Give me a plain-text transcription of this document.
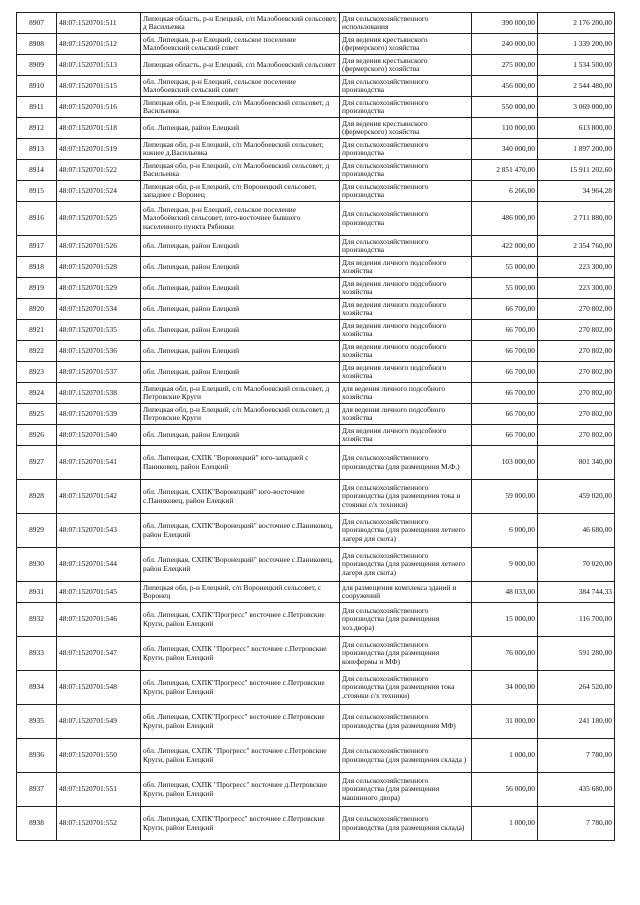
8907	48:07:1520701:511	Липецкая область, р-н Елецкий, с/п Малобоевский сельсовет, д Васильевка	Для сельскохозяйственного использования	390 000,00	2 176 200,00
8908	48:07:1520701:512	обл. Липецкая, р-н Елецкий, сельское поселение Малобоевский сельский совет	Для ведения крестьянского (фермерского) хозяйства	240 000,00	1 339 200,00
8909	48:07:1520701:513	Липецкая область, р-н Елецкий, с/п Малобоевский сельсовет	Для ведения крестьянского (фермерского) хозяйства	275 000,00	1 534 500,00
8910	48:07:1520701:515	обл. Липецкая, р-н Елецкий, сельское поселение Малобоевский сельский совет	Для сельскохозяйственного производства	456 000,00	2 544 480,00
8911	48:07:1520701:516	Липецкая обл, р-н Елецкий, с/п Малобоевский сельсовет, д Васильевка	Для сельскохозяйственного производства	550 000,00	3 069 000,00
8912	48:07:1520701:518	обл. Липецкая, район Елецкий	Для ведения крестьянского (фермерского) хозяйства	110 000,00	613 800,00
8913	48:07:1520701:519	Липецкая обл, р-н Елецкий, с/п Малобоевский сельсовет, южнее д.Васильевка	Для сельскохозяйственного производства	340 000,00	1 897 200,00
8914	48:07:1520701:522	Липецкая обл, р-н Елецкий, с/п Малобоевский сельсовет, д Васильевка	Для сельскохозяйственного производства	2 851 470,00	15 911 202,60
8915	48:07:1520701:524	Липецкая обл, р-н Елецкий, с/п Воронецкий сельсовет, западнее с Воронец	Для сельскохозяйственного производства	6 266,00	34 964,28
8916	48:07:1520701:525	обл. Липецкая, р-н Елецкий, сельское поселение Малобоёвский сельсовет, юго-восточнее бывшего населенного пункта Рябинки	Для сельскохозяйственного производства	486 000,00	2 711 880,00
8917	48:07:1520701:526	обл. Липецкая, район Елецкий	Для сельскохозяйственного производства	422 000,00	2 354 760,00
8918	48:07:1520701:528	обл. Липецкая, район Елецкий	Для ведения личного подсобного хозяйства	55 000,00	223 300,00
8919	48:07:1520701:529	обл. Липецкая, район Елецкий	Для ведения личного подсобного хозяйства	55 000,00	223 300,00
8920	48:07:1520701:534	обл. Липецкая, район Елецкий	Для ведения личного подсобного хозяйства	66 700,00	270 802,00
8921	48:07:1520701:535	обл. Липецкая, район Елецкий	Для ведения личного подсобного хозяйства	66 700,00	270 802,00
8922	48:07:1520701:536	обл. Липецкая, район Елецкий	Для ведения личного подсобного хозяйства	66 700,00	270 802,00
8923	48:07:1520701:537	обл. Липецкая, район Елецкий	Для ведения личного подсобного хозяйства	66 700,00	270 802,00
8924	48:07:1520701:538	Липецкая обл, р-н Елецкий, с/п Малобоевский сельсовет, д Петровские Круги	для ведения личного подсобного хозяйства	66 700,00	270 802,00
8925	48:07:1520701:539	Липецкая обл, р-н Елецкий, с/п Малобоевский сельсовет, д Петровские Круги	для ведения личного подсобного хозяйства	66 700,00	270 802,00
8926	48:07:1520701:540	обл. Липецкая, район Елецкий	Для ведения личного подсобного хозяйства	66 700,00	270 802,00
8927	48:07:1520701:541	обл. Липецкая, СХПК "Воронецкий" юго-западней с Паниковец, район Елецкий	Для сельскохозяйственного производства (для размещения М.Ф.)	103 000,00	801 340,00
8928	48:07:1520701:542	обл. Липецкая, СХПК"Воронецкий" юго-восточнее с.Паниковец, район Елецкий	Для сельскохозяйственного производства (для размещения тока и стоянки с/х техники)	59 000,00	459 020,00
8929	48:07:1520701:543	обл. Липецкая, СХПК"Воронецкий" восточнее с.Паниковец, район Елецкий	Для сельскохозяйственного производства (для размещения летнего лагеря для скота)	6 000,00	46 680,00
8930	48:07:1520701:544	обл. Липецкая, СХПК"Воронецкий" восточнее с.Паниковец, район Елецкий	Для сельскохозяйственного производства (для размещения летнего лагеря для скота)	9 000,00	70 020,00
8931	48:07:1520701:545	Липецкая обл, р-н Елецкий, с/п Воронецкий сельсовет, с Воронец	для размещения комплекса зданий и сооружений	48 033,00	384 744,33
8932	48:07:1520701:546	обл. Липецкая, СХПК"Прогресс" восточнее с.Петровские Круги, район Елецкий	Для сельскохозяйственного производства (для размещения хоз.двора)	15 000,00	116 700,00
8933	48:07:1520701:547	обл. Липецкая, СХПК "Прогресс" восточнее с.Петровские Круги, район Елецкий	Для сельскохозяйственного производства (для размещения конефермы и МФ)	76 000,00	591 280,00
8934	48:07:1520701:548	обл. Липецкая, СХПК"Прогресс" восточнее с.Петровские Круги, район Елецкий	Для сельскохозяйственного производства (для размещения тока ,стоянки с/х техники)	34 000,00	264 520,00
8935	48:07:1520701:549	обл. Липецкая, СХПК"Прогресс" восточнее с.Петровские Круги, район Елецкий	Для сельскохозяйственного производства (для размещения МФ)	31 000,00	241 180,00
8936	48:07:1520701:550	обл. Липецкая, СХПК "Прогресс" восточнее с.Петровские Круги, район Елецкий	Для сельскохозяйственного производства (для размещения склада )	1 000,00	7 780,00
8937	48:07:1520701:551	обл. Липецкая, СХПК "Прогресс" восточнее д.Петровские Круги, район Елецкий	Для сельскохозяйственного производства (для размещения машинного двора)	56 000,00	435 680,00
8938	48:07:1520701:552	обл. Липецкая, СХПК"Прогресс" восточнее с.Петровские Круги, район Елецкий	Для сельскохозяйственного производства (для размещения склада)	1 000,00	7 780,00
